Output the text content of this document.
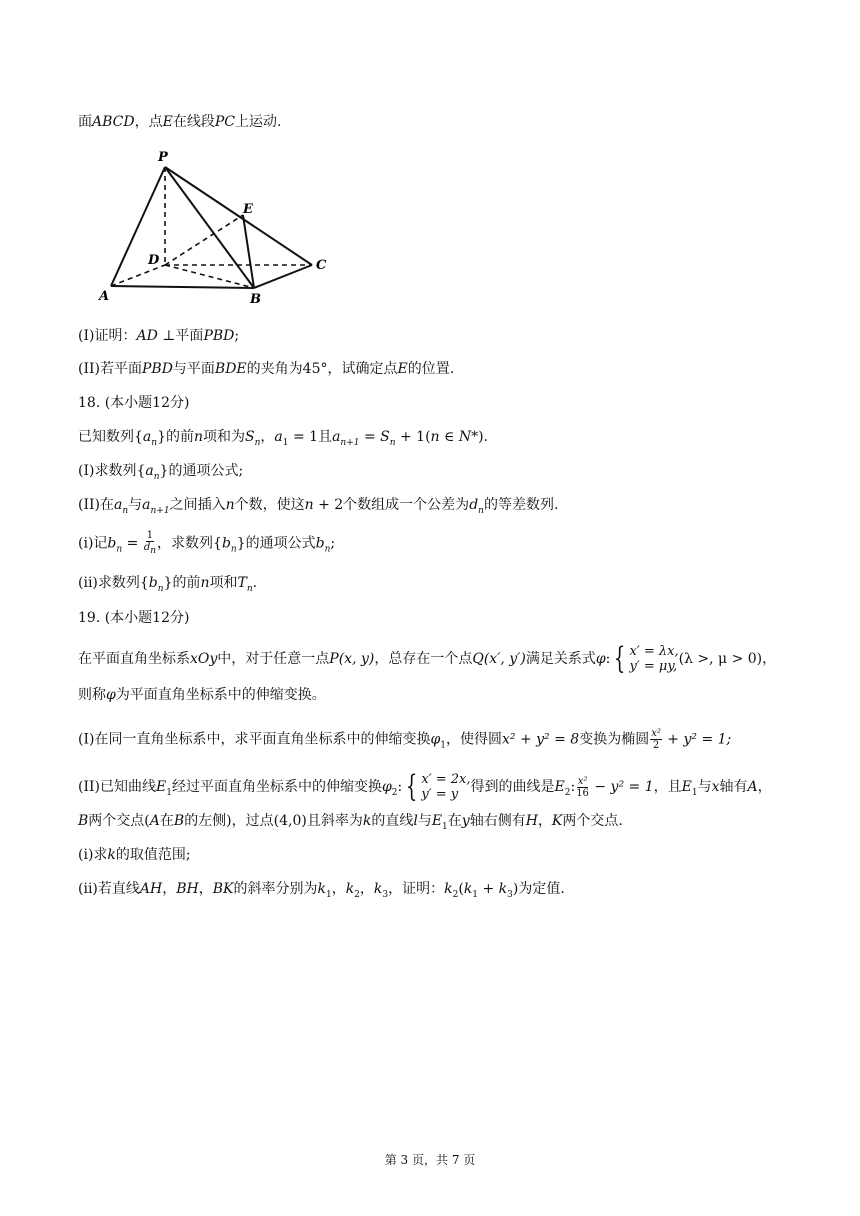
面ABCD，点E在线段PC上运动.
P
E
D	C
A	B
(I)证明：AD ⊥平面PBD;
(II)若平面PBD与平面BDE的夹角为45°，试确定点E的位置.
18. (本小题12分)
已知数列$\{a_n\}$的前n项和为$S_n$，$a_1 = 1$且$a_{n+1} = S_n + 1(n$ ∈ N*).
(I)求数列$\{a_n\}$的通项公式;
(II)在$a_n$与$a_{n+1}$之间插入n个数，使这n + 2个数组成一个公差为$d_n$的等差数列.
(i)记$b_n = \frac{1}{d_n}$ ，求数列$\{b_n\}$的通项公式$b_n$;
(ii)求数列$\{b_n\}$的前n项和$T_n$.
19. (本小题12分)
在平面直角坐标系xOy中，对于任意一点P(x, y)，总存在一个点Q(x′, y′)满足关系式φ: { x′ = λx,
y′ = μy, (λ >, μ > 0)，
则称φ为平面直角坐标系中的伸缩变换。
(I)在同一直角坐标系中，求平面直角坐标系中的伸缩变换$\varphi_1$，使得圆x² + y² = 8变换为椭圆 $\frac{\text{x²}}{2} + y^2 = 1$;
(II)已知曲线$E_1$经过平面直角坐标系中的伸缩变换$\varphi_2$: { x′ = 2x,
y′ = y 得到的曲线是$E_2$: $\frac{\text{x²}}{16} - y^2 = 1$，且$E_1$与x轴有A，
B两个交点(A在B的左侧)，过点(4,0)且斜率为k的直线l与$E_1$在y轴右侧有H，K两个交点.
(i)求k的取值范围;
(ii)若直线AH，BH，BK的斜率分别为$k_1$，$k_2$，$k_3$，证明：$k_2(k_1 + k_3)$为定值.
第 3 页，共 7 页
